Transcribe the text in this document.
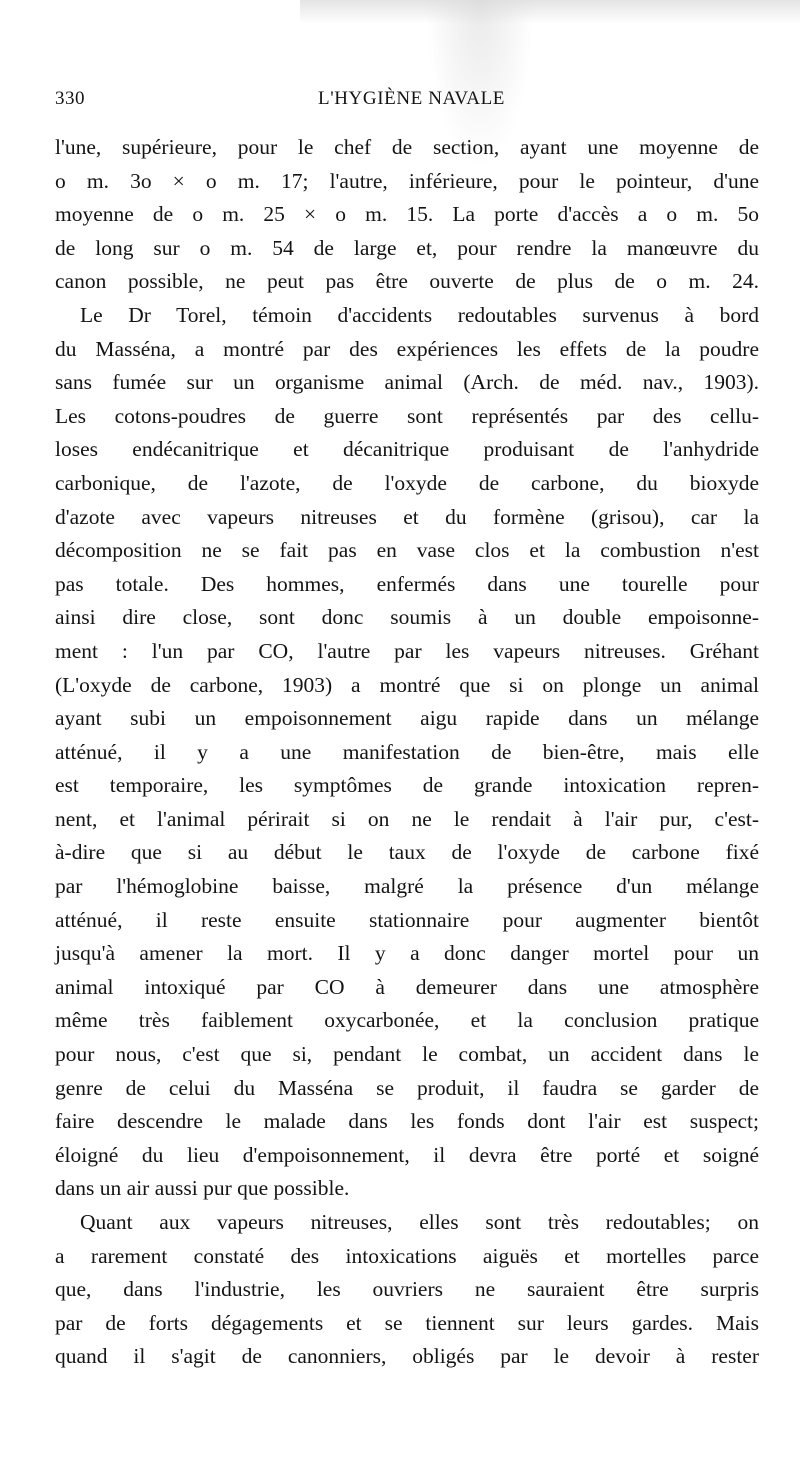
330	L'HYGIÈNE NAVALE
l'une, supérieure, pour le chef de section, ayant une moyenne de
o m. 3o × o m. 17; l'autre, inférieure, pour le pointeur, d'une
moyenne de o m. 25 × o m. 15. La porte d'accès a o m. 5o
de long sur o m. 54 de large et, pour rendre la manœuvre du
canon possible, ne peut pas être ouverte de plus de o m. 24.
Le Dr Torel, témoin d'accidents redoutables survenus à bord
du Masséna, a montré par des expériences les effets de la poudre
sans fumée sur un organisme animal (Arch. de méd. nav., 1903).
Les cotons-poudres de guerre sont représentés par des cellu-
loses endécanitrique et décanitrique produisant de l'anhydride
carbonique, de l'azote, de l'oxyde de carbone, du bioxyde
d'azote avec vapeurs nitreuses et du formène (grisou), car la
décomposition ne se fait pas en vase clos et la combustion n'est
pas totale. Des hommes, enfermés dans une tourelle pour
ainsi dire close, sont donc soumis à un double empoisonne-
ment : l'un par CO, l'autre par les vapeurs nitreuses. Gréhant
(L'oxyde de carbone, 1903) a montré que si on plonge un animal
ayant subi un empoisonnement aigu rapide dans un mélange
atténué, il y a une manifestation de bien-être, mais elle
est temporaire, les symptômes de grande intoxication repren-
nent, et l'animal périrait si on ne le rendait à l'air pur, c'est-
à-dire que si au début le taux de l'oxyde de carbone fixé
par l'hémoglobine baisse, malgré la présence d'un mélange
atténué, il reste ensuite stationnaire pour augmenter bientôt
jusqu'à amener la mort. Il y a donc danger mortel pour un
animal intoxiqué par CO à demeurer dans une atmosphère
même très faiblement oxycarbonée, et la conclusion pratique
pour nous, c'est que si, pendant le combat, un accident dans le
genre de celui du Masséna se produit, il faudra se garder de
faire descendre le malade dans les fonds dont l'air est suspect;
éloigné du lieu d'empoisonnement, il devra être porté et soigné
dans un air aussi pur que possible.
Quant aux vapeurs nitreuses, elles sont très redoutables; on
a rarement constaté des intoxications aiguës et mortelles parce
que, dans l'industrie, les ouvriers ne sauraient être surpris
par de forts dégagements et se tiennent sur leurs gardes. Mais
quand il s'agit de canonniers, obligés par le devoir à rester
